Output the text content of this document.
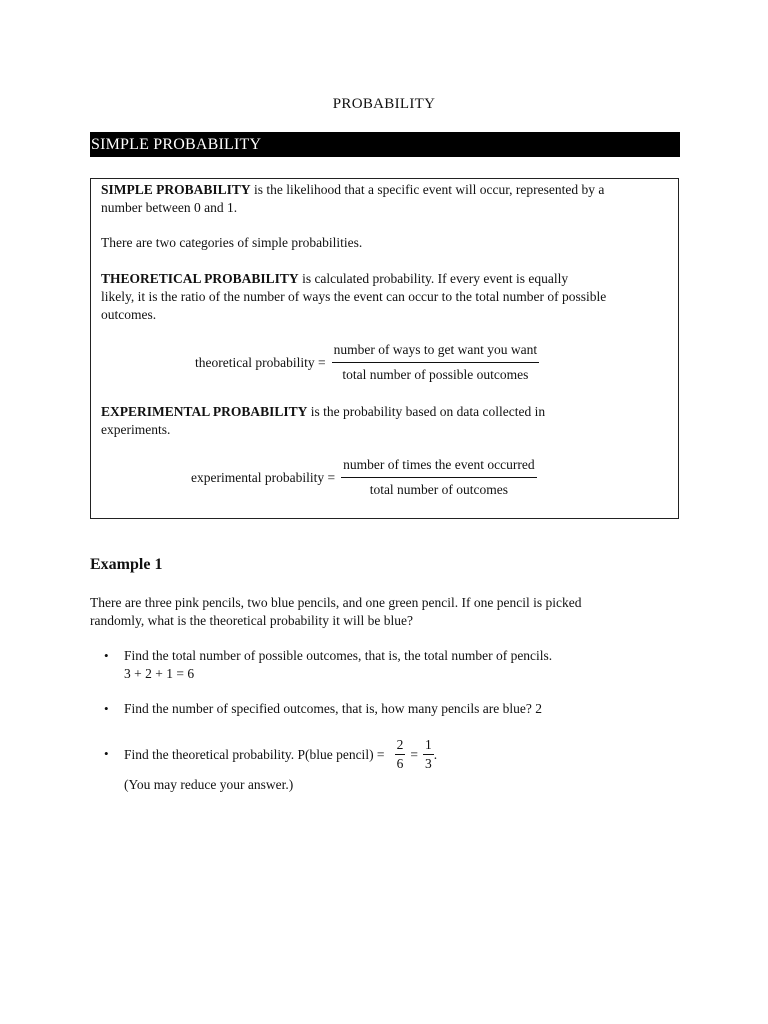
PROBABILITY
SIMPLE PROBABILITY

SIMPLE PROBABILITY is the likelihood that a specific event will occur, represented by a
number between 0 and 1.

There are two categories of simple probabilities.

THEORETICAL PROBABILITY is calculated probability. If every event is equally
likely, it is the ratio of the number of ways the event can occur to the total number of possible
outcomes.

theoretical probability = $\frac{\text{number of ways to get want you want}}{\text{total number of possible outcomes}}$

EXPERIMENTAL PROBABILITY is the probability based on data collected in
experiments.

experimental probability = $\frac{\text{number of times the event occurred}}{\text{total number of outcomes}}$
Example 1

There are three pink pencils, two blue pencils, and one green pencil. If one pencil is picked
randomly, what is the theoretical probability it will be blue?

• Find the total number of possible outcomes, that is, the total number of pencils.
3 + 2 + 1 = 6

• Find the number of specified outcomes, that is, how many pencils are blue? 2

• Find the theoretical probability. P(blue pencil) = $\frac{2}{6} = \frac{1}{3}$ .

(You may reduce your answer.)
